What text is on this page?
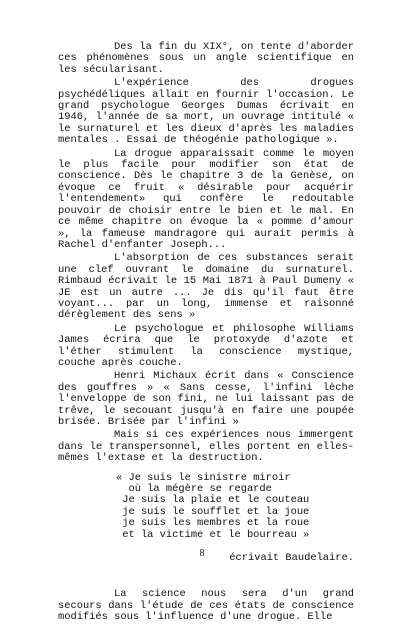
Des la fin du XIX°, on tente d'aborder ces phénomènes sous un angle scientifique en les sécularisant.

L'expérience des drogues psychédéliques allait en fournir l'occasion. Le grand psychologue Georges Dumas écrivait en 1946, l'année de sa mort, un ouvrage intitulé « le surnaturel et les dieux d'après les maladies mentales . Essai de théogénie pathologique ».

La drogue apparaissait comme le moyen le plus facile pour modifier son état de conscience. Dès le chapitre 3 de la Genèse, on évoque ce fruit « désirable pour acquérir l'entendement» qui confère le redoutable pouvoir de choisir entre le bien et le mal. En ce même chapitre on évoque la « pomme d'amour », la fameuse mandragore qui aurait permis à Rachel d'enfanter Joseph...

L'absorption de ces substances serait une clef ouvrant le domaine du surnaturel. Rimbaud écrivait le 15 Mai 1871 à Paul Dumeny « JE est un autre ... Je dis qu'il faut être voyant... par un long, immense et raisonné dérèglement des sens »

Le psychologue et philosophe Williams James écrira que le protoxyde d'azote et l'éther stimulent la conscience mystique, couche après couche.

Henri Michaux écrit dans « Conscience des gouffres » « Sans cesse, l'infini lèche l'enveloppe de son fini, ne lui laissant pas de trêve, le secouant jusqu'à en faire une poupée brisée. Brisée par l'infini »

Mais si ces expériences nous immergent dans le transpersonnel, elles portent en elles-mêmes l'extase et la destruction.

« Je suis le sinistre miroir
où la mégère se regarde
Je suis la plaie et le couteau
je suis le soufflet et la joue
je suis les membres et la roue
et la victime et le bourreau »

écrivait Baudelaire.

La science nous sera d'un grand secours dans l'étude de ces états de conscience modifiés sous l'influence d'une drogue. Elle

8
